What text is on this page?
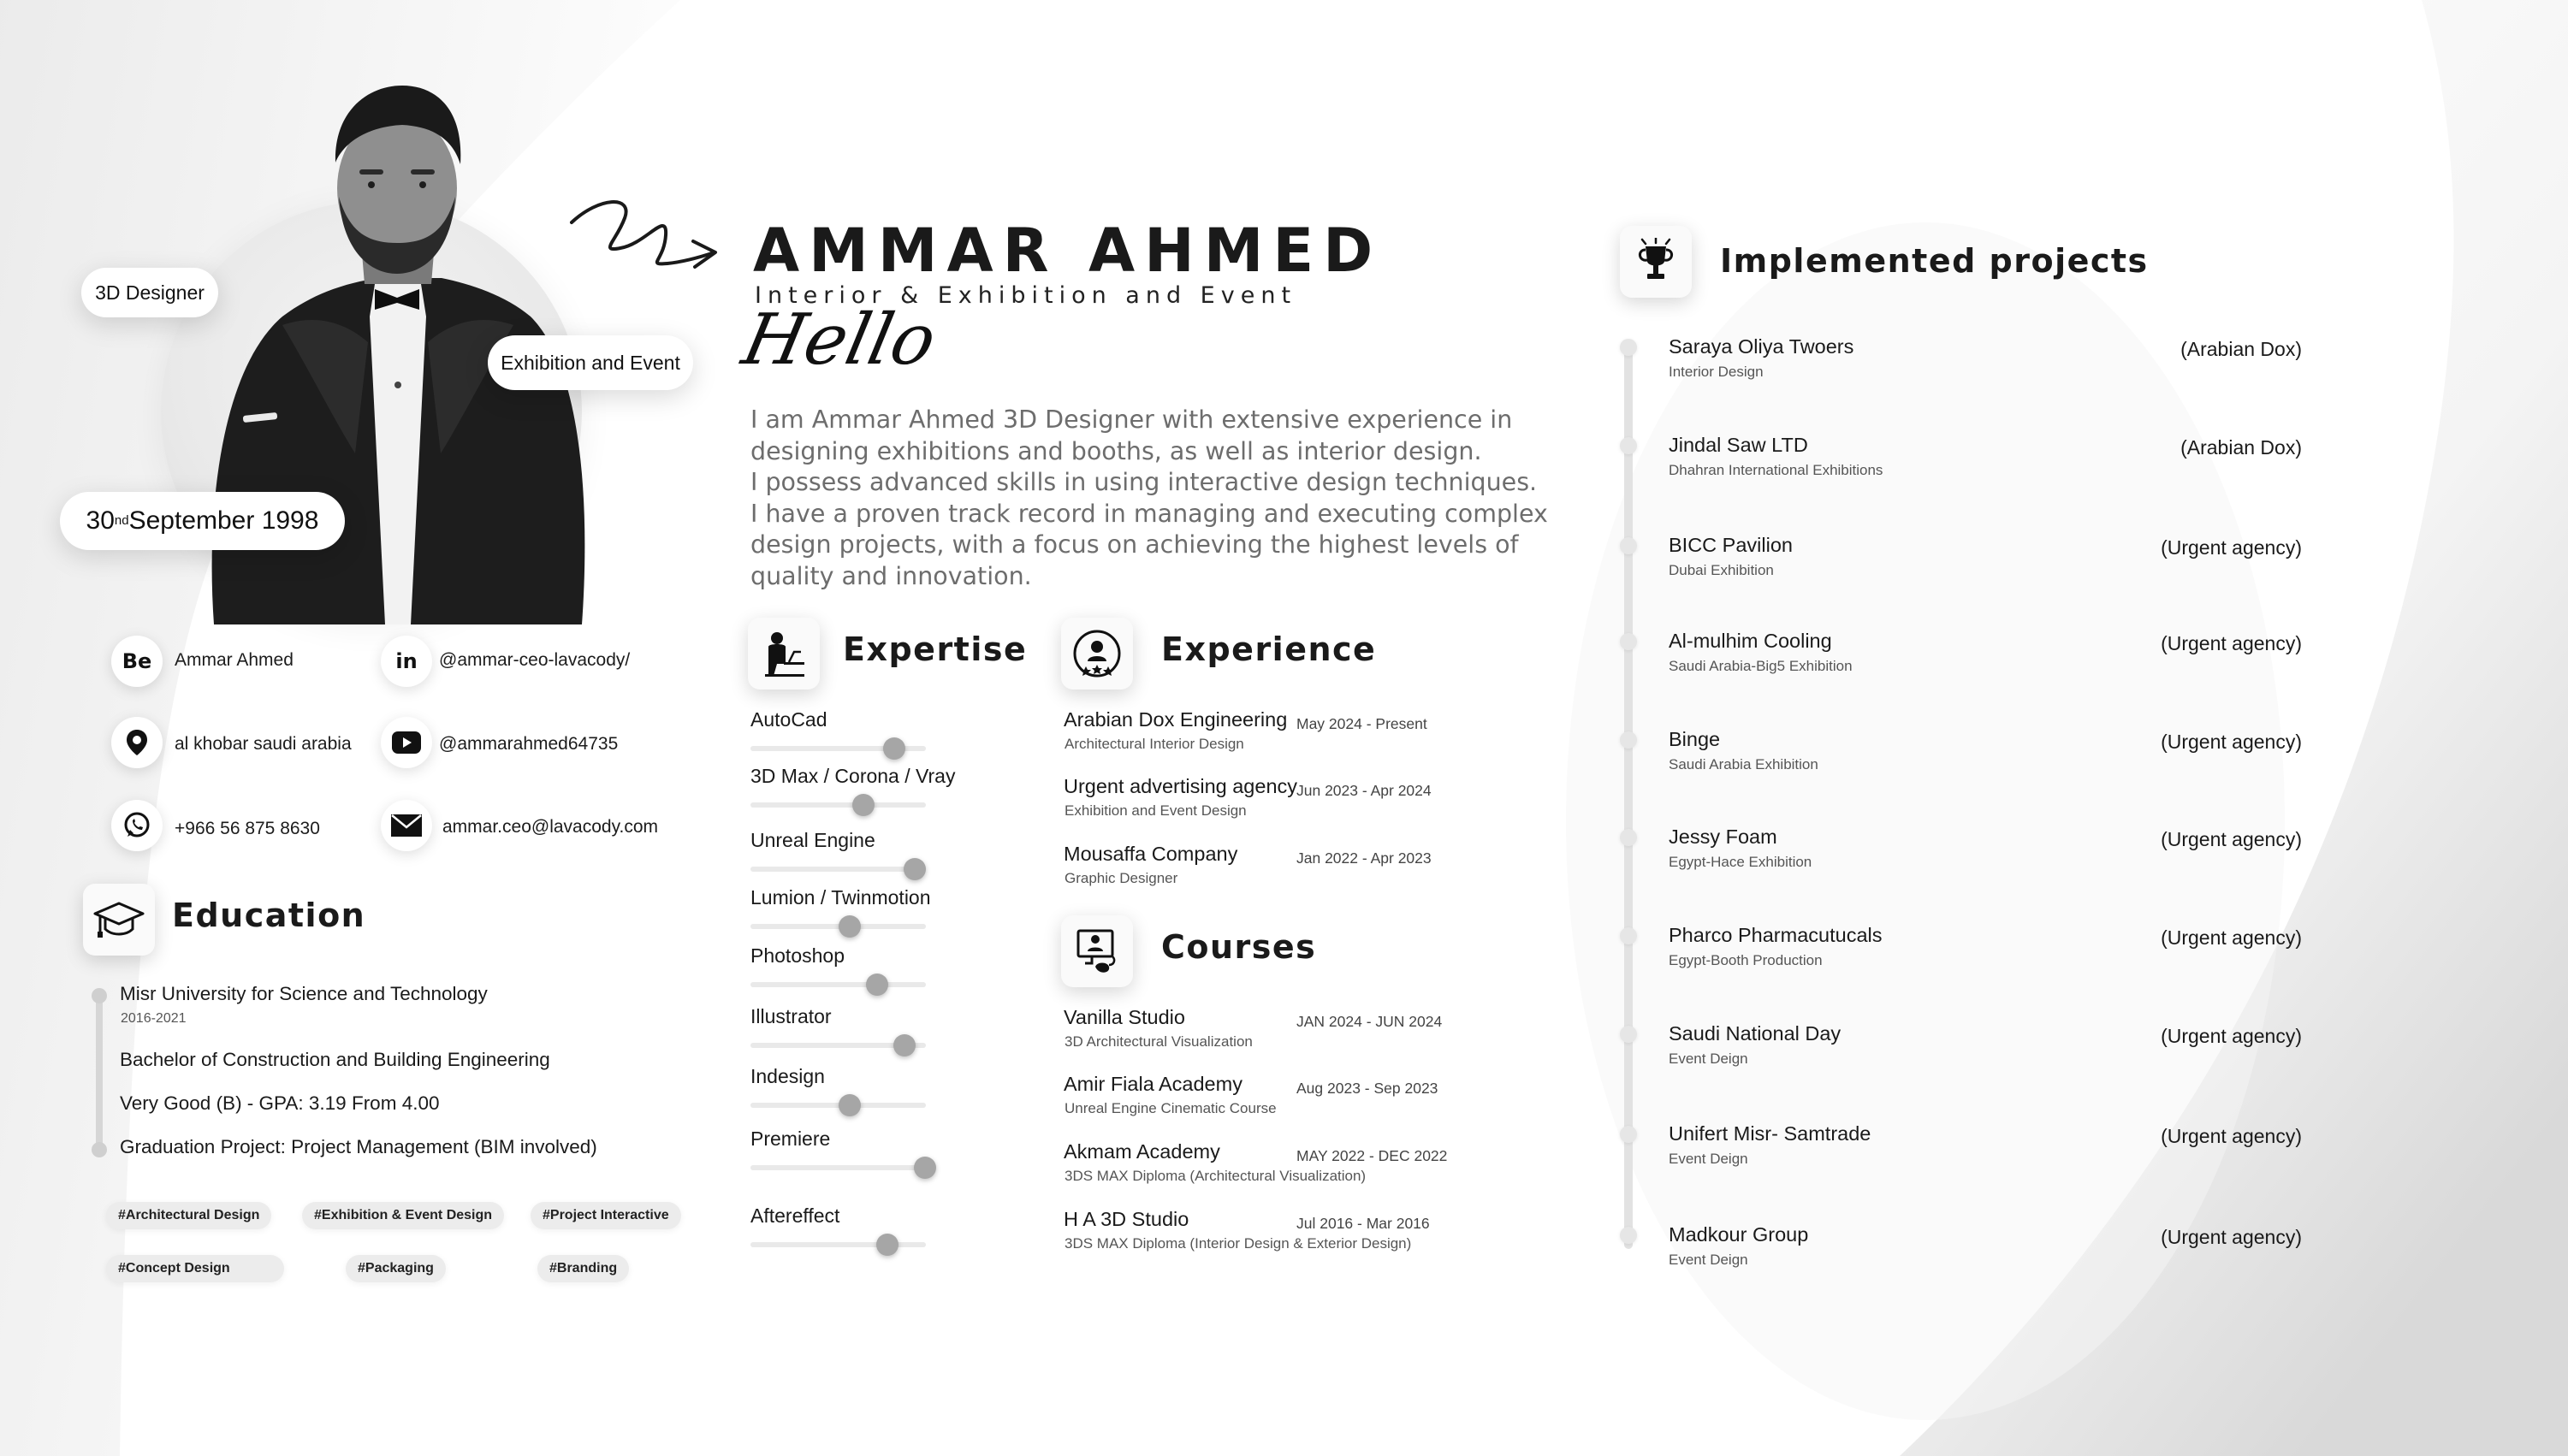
3D Designer
Exhibition and Event
30 nd September 1998
AMMAR AHMED
Interior & Exhibition and Event
Hello

I am Ammar Ahmed 3D Designer with extensive experience in

designing exhibitions and booths, as well as interior design.

I possess advanced skills in using interactive design techniques.

I have a proven track record in managing and executing complex

design projects, with a focus on achieving the highest levels of

quality and innovation.

Be Ammar Ahmed	in @ammar-ceo-lavacody/
al khobar saudi arabia	@ammarahmed64735
+966 56 875 8630	ammar.ceo@lavacody.com
Education
Misr University for Science and Technology
2016-2021
Bachelor of Construction and Building Engineering
Very Good (B) - GPA: 3.19 From 4.00
Graduation Project: Project Management (BIM involved)
#Architectural Design	#Exhibition & Event Design	#Project Interactive
#Concept Design	#Packaging	#Branding
Expertise
AutoCad
3D Max / Corona / Vray
Unreal Engine
Lumion / Twinmotion
Photoshop
Illustrator
Indesign
Premiere
Aftereffect
Experience
Arabian Dox Engineering
Architectural Interior Design
May 2024 - Present
Urgent advertising agency
Exhibition and Event Design
Jun 2023 - Apr 2024
Mousaffa Company
Graphic Designer
Jan 2022 - Apr 2023
Courses
Vanilla Studio
3D Architectural Visualization
JAN 2024 - JUN 2024
Amir Fiala Academy
Unreal Engine Cinematic Course
Aug 2023 - Sep 2023
Akmam Academy
3DS MAX Diploma (Architectural Visualization)
MAY 2022 - DEC 2022
H A 3D Studio
3DS MAX Diploma (Interior Design & Exterior Design)
Jul 2016 - Mar 2016
Implemented projects
Saraya Oliya Twoers
Interior Design
(Arabian Dox)
Jindal Saw LTD
Dhahran International Exhibitions
(Arabian Dox)
BICC Pavilion
Dubai Exhibition
(Urgent agency)
Al-mulhim Cooling
Saudi Arabia-Big5 Exhibition
(Urgent agency)
Binge
Saudi Arabia Exhibition
(Urgent agency)
Jessy Foam
Egypt-Hace Exhibition
(Urgent agency)
Pharco Pharmacutucals
Egypt-Booth Production
(Urgent agency)
Saudi National Day
Event Deign
(Urgent agency)
Unifert Misr- Samtrade
Event Deign
(Urgent agency)
Madkour Group
Event Deign
(Urgent agency)
